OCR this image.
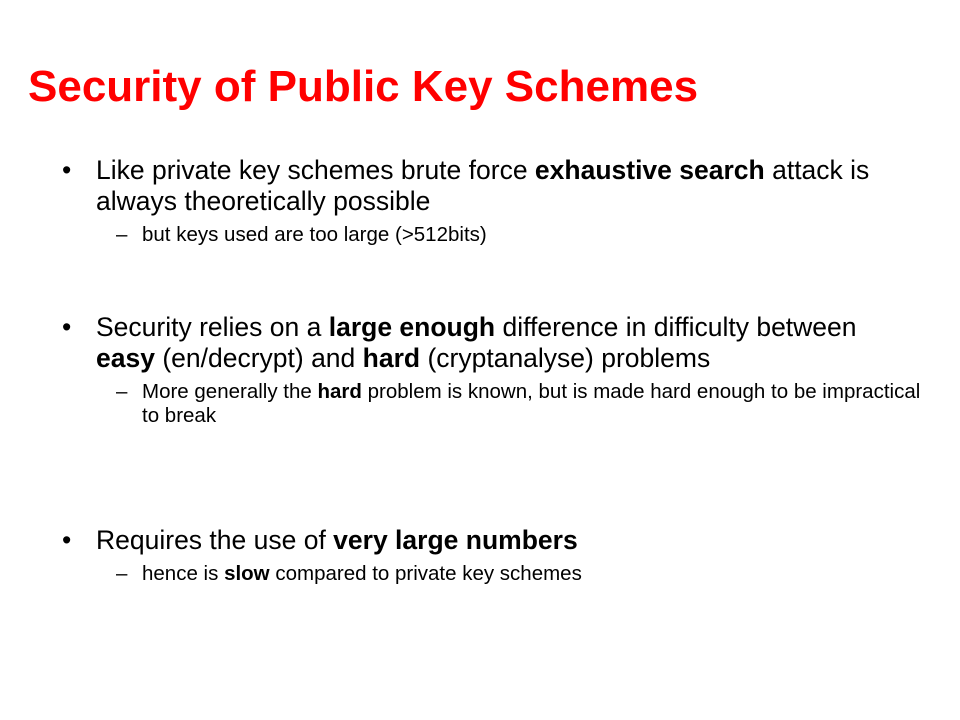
Security of Public Key Schemes
• Like private key schemes brute force exhaustive search attack is always theoretically possible
– but keys used are too large (>512bits)
• Security relies on a large enough difference in difficulty between easy (en/decrypt) and hard (cryptanalyse) problems
– More generally the hard problem is known, but is made hard enough to be impractical to break
• Requires the use of very large numbers
– hence is slow compared to private key schemes
